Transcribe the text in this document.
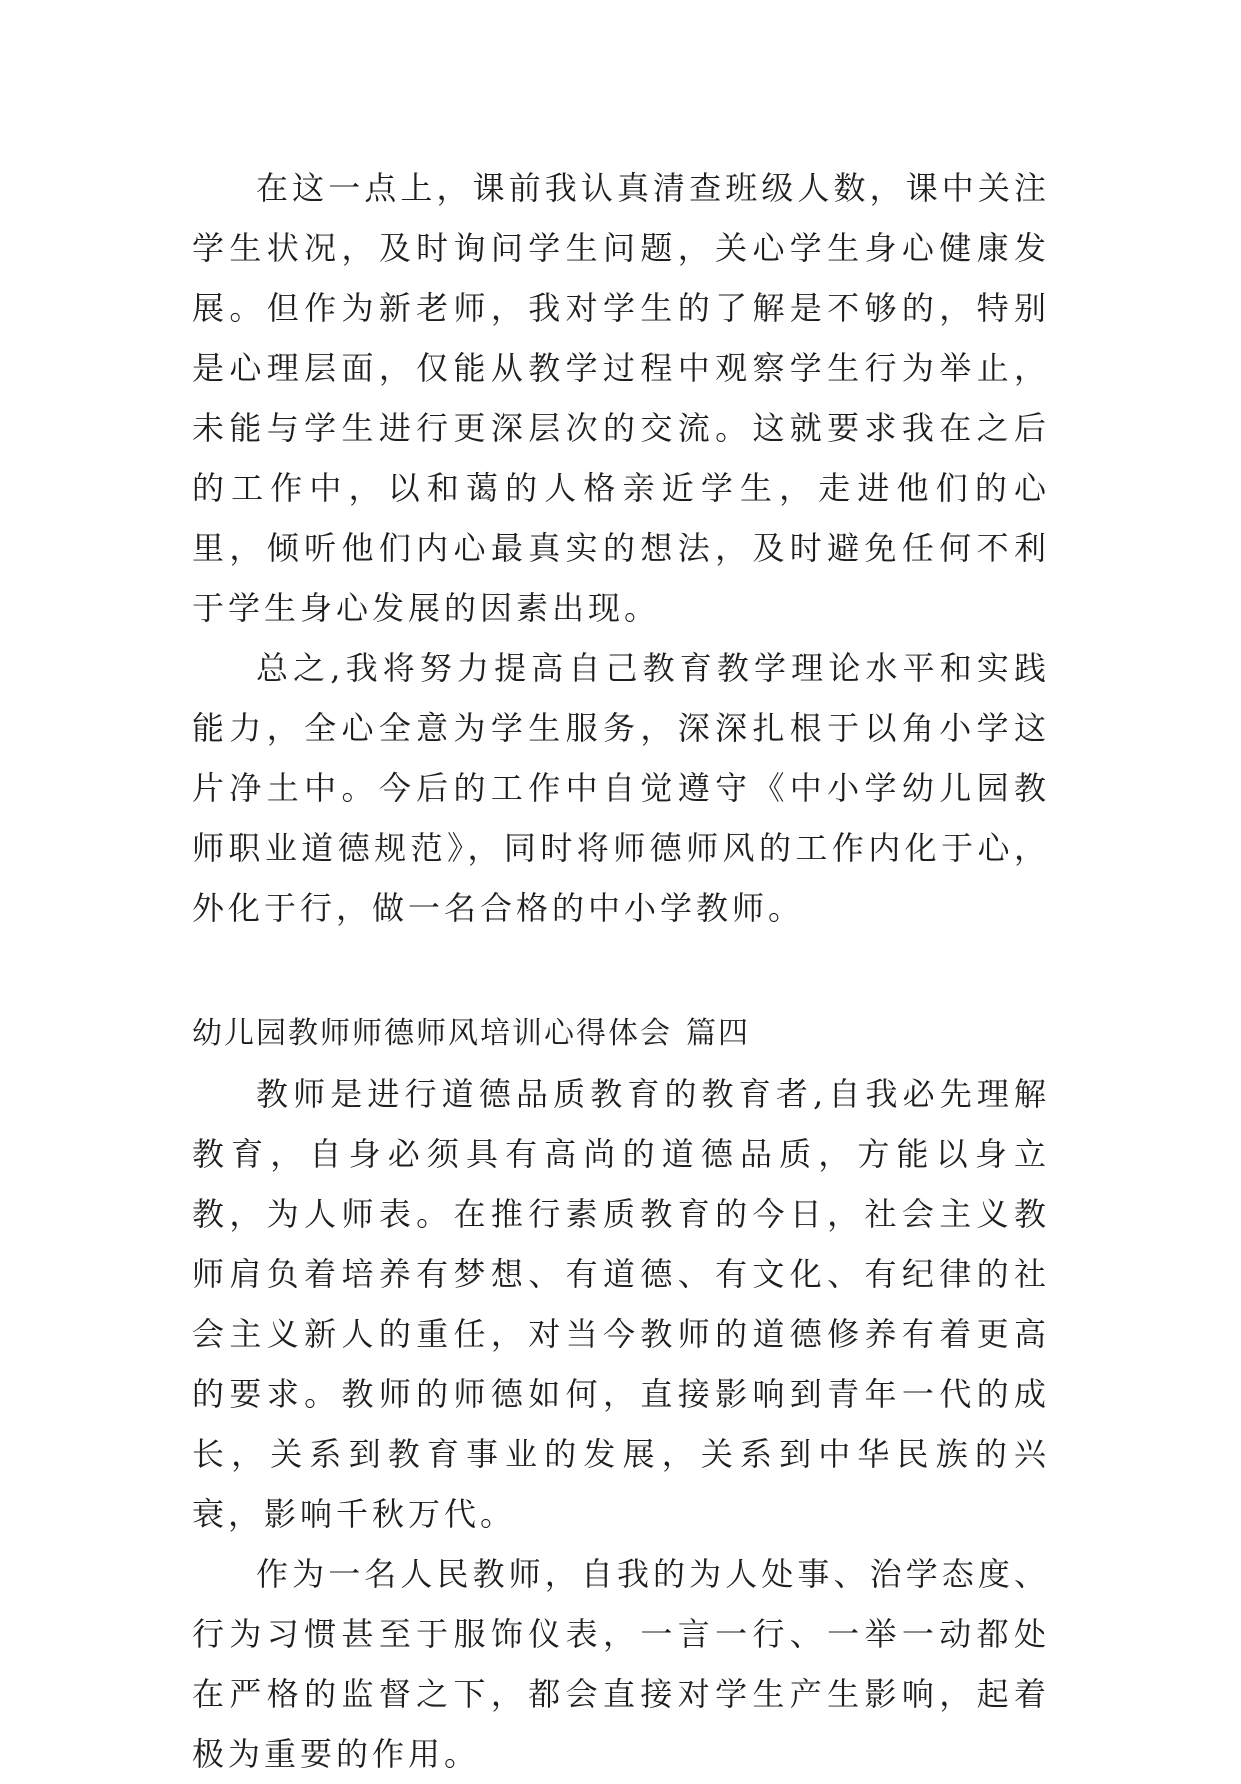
在这一点上，课前我认真清查班级人数，课中关注学生状况，及时询问学生问题，关心学生身心健康发展。但作为新老师，我对学生的了解是不够的，特别是心理层面，仅能从教学过程中观察学生行为举止，未能与学生进行更深层次的交流。这就要求我在之后的工作中，以和蔼的人格亲近学生，走进他们的心里，倾听他们内心最真实的想法，及时避免任何不利于学生身心发展的因素出现。

总之,我将努力提高自己教育教学理论水平和实践能力，全心全意为学生服务，深深扎根于以角小学这片净土中。今后的工作中自觉遵守《中小学幼儿园教师职业道德规范》，同时将师德师风的工作内化于心，外化于行，做一名合格的中小学教师。

幼儿园教师师德师风培训心得体会 篇四

教师是进行道德品质教育的教育者,自我必先理解教育，自身必须具有高尚的道德品质，方能以身立教，为人师表。在推行素质教育的今日，社会主义教师肩负着培养有梦想、有道德、有文化、有纪律的社会主义新人的重任，对当今教师的道德修养有着更高的要求。教师的师德如何，直接影响到青年一代的成长，关系到教育事业的发展，关系到中华民族的兴衰，影响千秋万代。

作为一名人民教师，自我的为人处事、治学态度、行为习惯甚至于服饰仪表，一言一行、一举一动都处在严格的监督之下，都会直接对学生产生影响，起着极为重要的作用。
